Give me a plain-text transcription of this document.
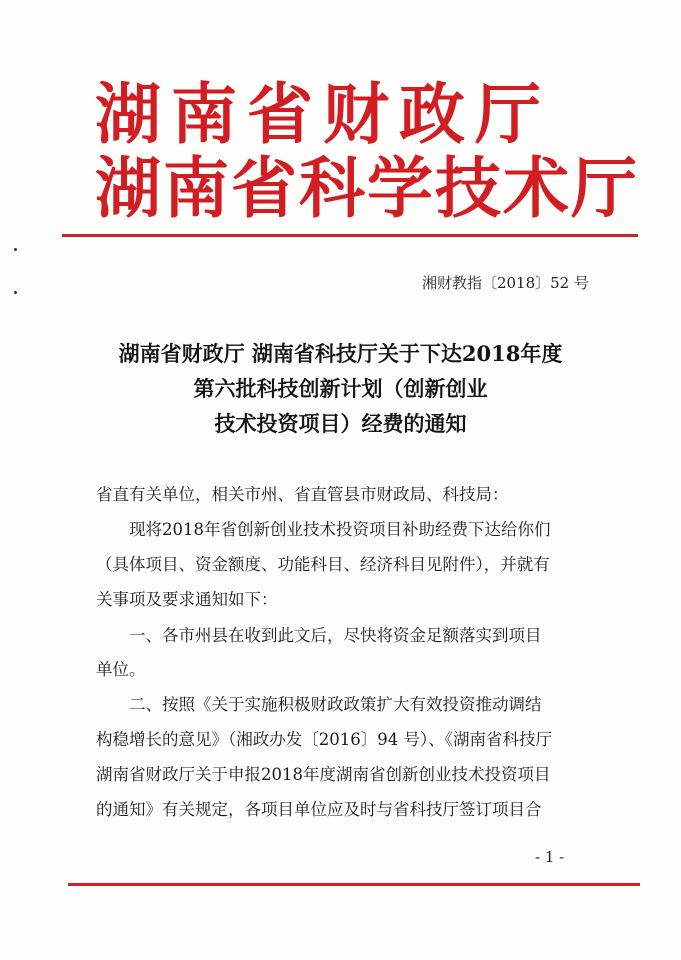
湖南省财政厅
湖南省科学技术厅
湘财教指〔2018〕52 号
湖南省财政厅 湖南省科技厅关于下达2018年度
第六批科技创新计划（创新创业
技术投资项目）经费的通知
省直有关单位，相关市州、省直管县市财政局、科技局：
　　现将2018年省创新创业技术投资项目补助经费下达给你们
（具体项目、资金额度、功能科目、经济科目见附件），并就有
关事项及要求通知如下：
　　一、各市州县在收到此文后，尽快将资金足额落实到项目
单位。
　　二、按照《关于实施积极财政政策扩大有效投资推动调结
构稳增长的意见》（湘政办发〔2016〕94 号）、《湖南省科技厅
湖南省财政厅关于申报2018年度湖南省创新创业技术投资项目
的通知》有关规定，各项目单位应及时与省科技厅签订项目合
- 1 -
